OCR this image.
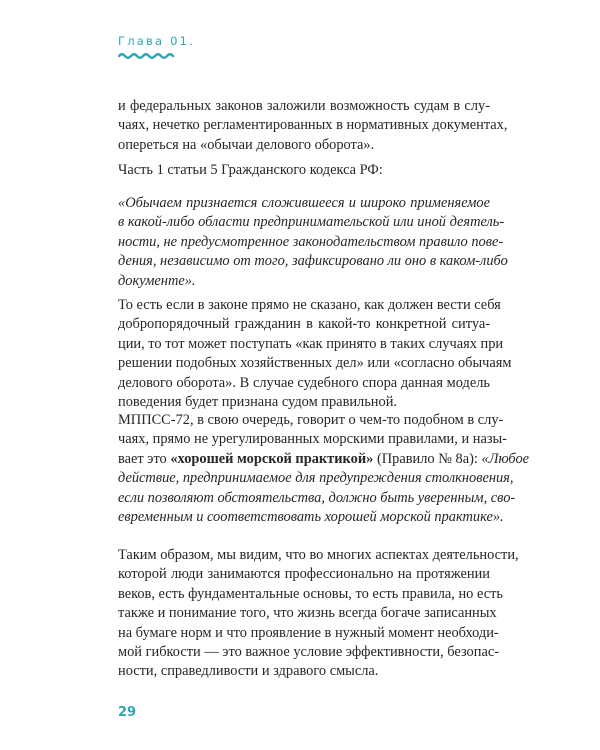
Глава 01.
и федеральных законов заложили возможность судам в слу-
чаях, нечетко регламентированных в нормативных документах,
опереться на «обычаи делового оборота».
Часть 1 статьи 5 Гражданского кодекса РФ:
«Обычаем признается сложившееся и широко применяемое
в какой-либо области предпринимательской или иной деятель-
ности, не предусмотренное законодательством правило пове-
дения, независимо от того, зафиксировано ли оно в каком-либо
документе».
То есть если в законе прямо не сказано, как должен вести себя
добропорядочный гражданин в какой-то конкретной ситуа-
ции, то тот может поступать «как принято в таких случаях при
решении подобных хозяйственных дел» или «согласно обычаям
делового оборота». В случае судебного спора данная модель
поведения будет признана судом правильной.
МППСС-72, в свою очередь, говорит о чем-то подобном в слу-
чаях, прямо не урегулированных морскими правилами, и назы-
вает это «хорошей морской практикой» (Правило № 8а): «Любое
действие, предпринимаемое для предупреждения столкновения,
если позволяют обстоятельства, должно быть уверенным, сво-
евременным и соответствовать хорошей морской практике».
Таким образом, мы видим, что во многих аспектах деятельности,
которой люди занимаются профессионально на протяжении
веков, есть фундаментальные основы, то есть правила, но есть
также и понимание того, что жизнь всегда богаче записанных
на бумаге норм и что проявление в нужный момент необходи-
мой гибкости — это важное условие эффективности, безопас-
ности, справедливости и здравого смысла.
29
